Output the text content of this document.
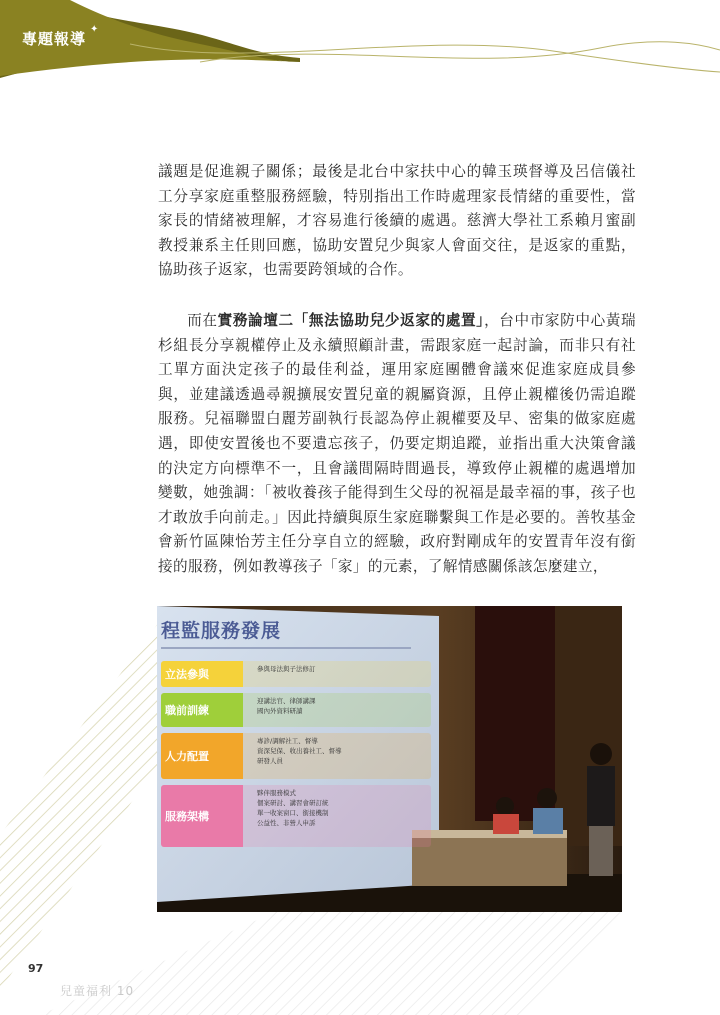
專題報導
✦

議題是促進親子關係；最後是北台中家扶中心的韓玉瑛督導及呂信儀社工分享家庭重整服務經驗，特別指出工作時處理家長情緒的重要性，當家長的情緒被理解，才容易進行後續的處遇。慈濟大學社工系賴月蜜副教授兼系主任則回應，協助安置兒少與家人會面交往，是返家的重點，協助孩子返家，也需要跨領域的合作。

而在實務論壇二「無法協助兒少返家的處置」，台中市家防中心黃瑞杉組長分享親權停止及永續照顧計畫，需跟家庭一起討論，而非只有社工單方面決定孩子的最佳利益，運用家庭團體會議來促進家庭成員參與，並建議透過尋親擴展安置兒童的親屬資源，且停止親權後仍需追蹤服務。兒福聯盟白麗芳副執行長認為停止親權要及早、密集的做家庭處遇，即使安置後也不要遺忘孩子，仍要定期追蹤，並指出重大決策會議的決定方向標準不一，且會議間隔時間過長，導致停止親權的處遇增加變數，她強調：「被收養孩子能得到生父母的祝福是最幸福的事，孩子也才敢放手向前走。」因此持續與原生家庭聯繫與工作是必要的。善牧基金會新竹區陳怡芳主任分享自立的經驗，政府對剛成年的安置青年沒有銜接的服務，例如教導孩子「家」的元素，了解情感關係該怎麼建立，

程監服務發展
立法參與	參與母法與子法修訂
職前訓練
迎講法官、律師講課
國內外資料研讀
人力配置
專診/調解社工、督導
資深兒保、收出養社工、督導
研發人員
服務架構
夥伴服務模式
個案研討、講習會研訂統
單一收案窗口、銜接機制
公益性、非營人申訴
97
兒童福利 10
